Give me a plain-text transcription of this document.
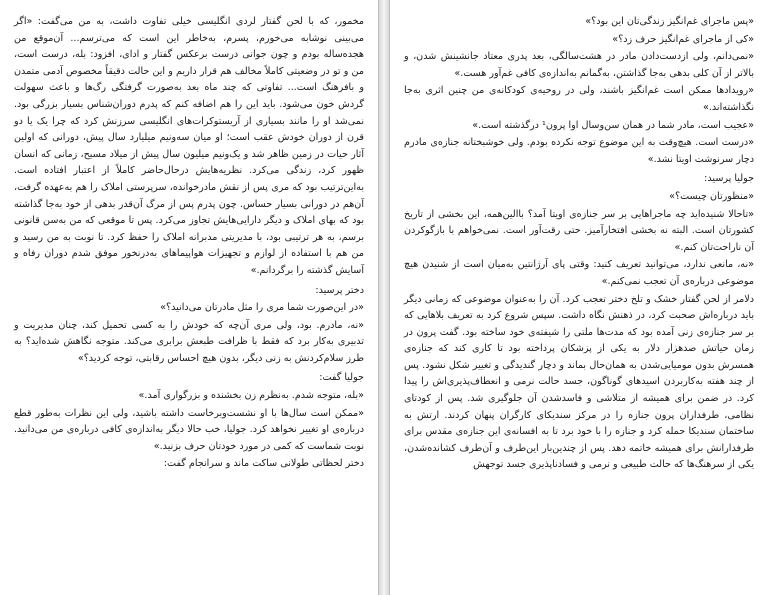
مخمور، که با لحن گفتار لردی انگلیسی خیلی تفاوت داشت، به من می‌گفت: «اگر می‌بینی نوشابه می‌خورم، پسرم، به‌خاطر این است که می‌ترسم... آن‌موقع من هجده‌ساله بودم و چون جوانی درست برعکس گفتار و ادای، افزود: بله، درست است، من و تو در وضعیتی کاملاً مخالف هم قرار داریم و این حالت دقیقاً مخصوص آدمی متمدن و بافرهنگ است... تفاوتی که چند ماه بعد به‌صورت گرفتگی رگ‌ها و باعث سهولت گردش خون می‌شود. باید این را هم اضافه کنم که پدرم دوران‌شناس بسیار بزرگی بود. نمی‌شد او را مانند بسیاری از آریستوکرات‌های انگلیسی سرزنش کرد که چرا یک یا دو قرن از دوران خودش عقب است؛ او میان سه‌ونیم میلیارد سال پیش، دورانی که اولین آثار حیات در زمین ظاهر شد و یک‌ونیم میلیون سال پیش از میلاد مسیح، زمانی که انسان ظهور کرد، زندگی می‌کرد. نظریه‌هایش درحال‌حاضر کاملاً از اعتبار افتاده است. به‌این‌ترتیب بود که مری پس از نقش مادرخوانده، سرپرستی املاک را هم به‌عهده گرفت، آن‌هم در دورانی بسیار حساس. چون پدرم پس از مرگ آن‌قدر بدهی از خود به‌جا گذاشته بود که بهای املاک و دیگر دارایی‌هایش تجاوز می‌کرد. پس تا موقعی که من به‌سن قانونی برسم، به هر ترتیبی بود، با مدیریتی مدبرانه املاک را حفظ کرد. تا نوبت به من رسید و من هم با استفاده از لوازم و تجهیزات هواپیماهای به‌درنخور موفق شدم دوران رفاه و آسایش گذشته را برگردانم.»

دختر پرسید:

«در این‌صورت شما مری را مثل مادرتان می‌دانید؟»

«نه، مادرم. بود، ولی مری آن‌چه که خودش را به کسی تحمیل کند، چنان مدیریت و تدبیری به‌کار برد که فقط با ظرافت طبعش برابری می‌کند. متوجه نگاهش شده‌اید؟ به طرز سلام‌کردنش به زنی دیگر، بدون هیچ احساس رقابتی، توجه کردید؟»

جولیا گفت:

«بله، متوجه شدم. به‌نظرم زن بخشنده و بزرگواری آمد.»

«ممکن است سال‌ها با او نشست‌وبرخاست داشته باشید، ولی این نظرات به‌طور قطع درباره‌ی او تغییر نخواهد کرد. جولیا، خب حالا دیگر به‌اندازه‌ی کافی درباره‌ی من می‌دانید. نوبت شماست که کمی در مورد خودتان حرف بزنید.»

دختر لحظاتی طولانی ساکت ماند و سرانجام گفت:

«پس ماجرای غم‌انگیز زندگی‌تان این بود؟»

«کی از ماجرای غم‌انگیز حرف زد؟»

«نمی‌دانم، ولی ازدست‌دادن مادر در هشت‌سالگی، بعد پدری معتاد جانشینش شدن، و بالاتر از آن کلی بدهی به‌جا گذاشتن، به‌گمانم به‌اندازه‌ی کافی غم‌آور هست.»

«رویدادها ممکن است غم‌انگیز باشند، ولی در روحیه‌ی کودکانه‌ی من چنین اثری به‌جا نگذاشته‌اند.»

«عجیب است، مادر شما در همان سن‌وسال اوا پرون¹ درگذشته است.»

«درست است. هیچ‌وقت به این موضوع توجه نکرده بودم. ولی خوشبختانه جنازه‌ی مادرم دچار سرنوشت اویتا نشد.»

جولیا پرسید:

«منظورتان چیست؟»

«تاحالا شنیده‌اید چه ماجراهایی بر سر جنازه‌ی اویتا آمد؟ باالین‌همه، این بخشی از تاریخ کشورتان است. البته نه بخشی افتخارآمیز. حتی رقت‌آور است. نمی‌خواهم با بازگوکردن آن ناراحت‌تان کنم.»

«نه، مانعی ندارد، می‌توانید تعریف کنید: وقتی پای آرژانتین به‌میان است از شنیدن هیچ موضوعی درباره‌ی آن تعجب نمی‌کنم.»

دلامر از لحن گفتار خشک و تلخ دختر تعجب کرد. آن را به‌عنوان موضوعی که زمانی دیگر باید درباره‌اش صحبت کرد، در ذهنش نگاه داشت. سپس شروع کرد به تعریف بلاهایی که بر سر جنازه‌ی زنی آمده بود که مدت‌ها ملتی را شیفته‌ی خود ساخته بود. گفت پرون در زمان حیاتش صدهزار دلار به یکی از پزشکان پرداخته بود تا کاری کند که جنازه‌ی همسرش بدون مومیایی‌شدن به همان‌حال بماند و دچار گندیدگی و تغییر شکل نشود. پس از چند هفته به‌کاربردن اسیدهای گوناگون، جسد حالت نرمی و انعطاف‌پذیری‌اش را پیدا کرد. در ضمن برای همیشه از متلاشی و فاسدشدن آن جلوگیری شد. پس از کودتای نظامی، طرفداران پرون جنازه را در مرکز سندیکای کارگران پنهان کردند. ارتش به ساختمان سندیکا حمله کرد و جنازه را با خود برد تا به افسانه‌ی این جنازه‌ی مقدس برای طرفدارانش برای همیشه خاتمه دهد. پس از چندین‌بار این‌طرف و آن‌طرف کشانده‌شدن، یکی از سرهنگ‌ها که حالت طبیعی و نرمی و فسادناپذیری جسد توجهش
